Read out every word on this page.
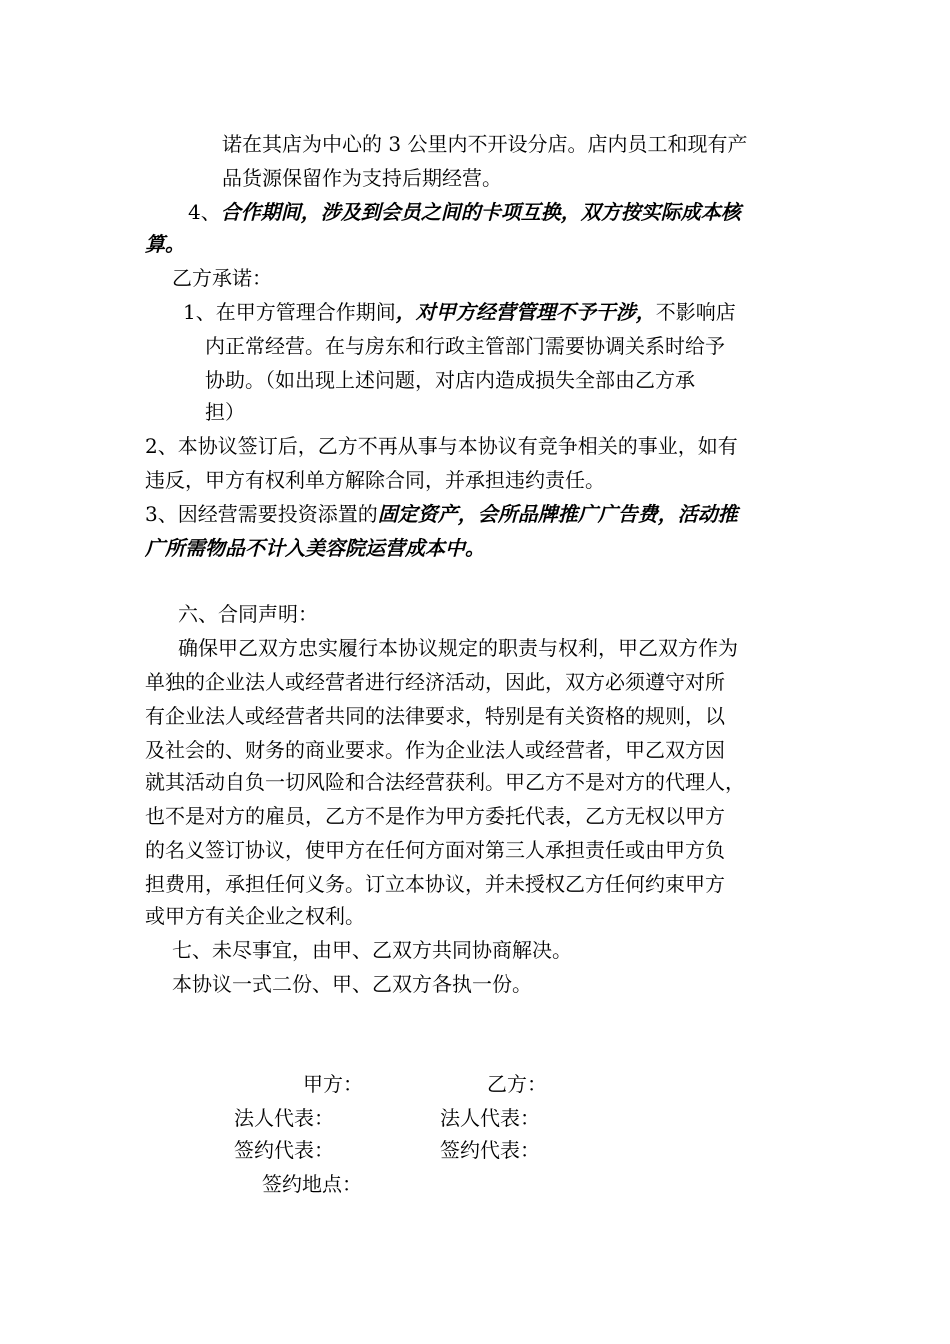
诺在其店为中心的 3 公里内不开设分店。店内员工和现有产
品货源保留作为支持后期经营。
4、合作期间，涉及到会员之间的卡项互换，双方按实际成本核
算。
乙方承诺：
1、在甲方管理合作期间，对甲方经营管理不予干涉，不影响店
内正常经营。在与房东和行政主管部门需要协调关系时给予
协助。（如出现上述问题，对店内造成损失全部由乙方承
担）
2、本协议签订后，乙方不再从事与本协议有竞争相关的事业，如有
违反，甲方有权利单方解除合同，并承担违约责任。
3、因经营需要投资添置的固定资产，会所品牌推广广告费，活动推
广所需物品不计入美容院运营成本中。
六、合同声明：
确保甲乙双方忠实履行本协议规定的职责与权利，甲乙双方作为
单独的企业法人或经营者进行经济活动，因此，双方必须遵守对所
有企业法人或经营者共同的法律要求，特别是有关资格的规则，以
及社会的、财务的商业要求。作为企业法人或经营者，甲乙双方因
就其活动自负一切风险和合法经营获利。甲乙方不是对方的代理人，
也不是对方的雇员，乙方不是作为甲方委托代表，乙方无权以甲方
的名义签订协议，使甲方在任何方面对第三人承担责任或由甲方负
担费用，承担任何义务。订立本协议，并未授权乙方任何约束甲方
或甲方有关企业之权利。
七、未尽事宜，由甲、乙双方共同协商解决。
本协议一式二份、甲、乙双方各执一份。
甲方：	乙方：
法人代表：	法人代表：
签约代表：	签约代表：
签约地点：
